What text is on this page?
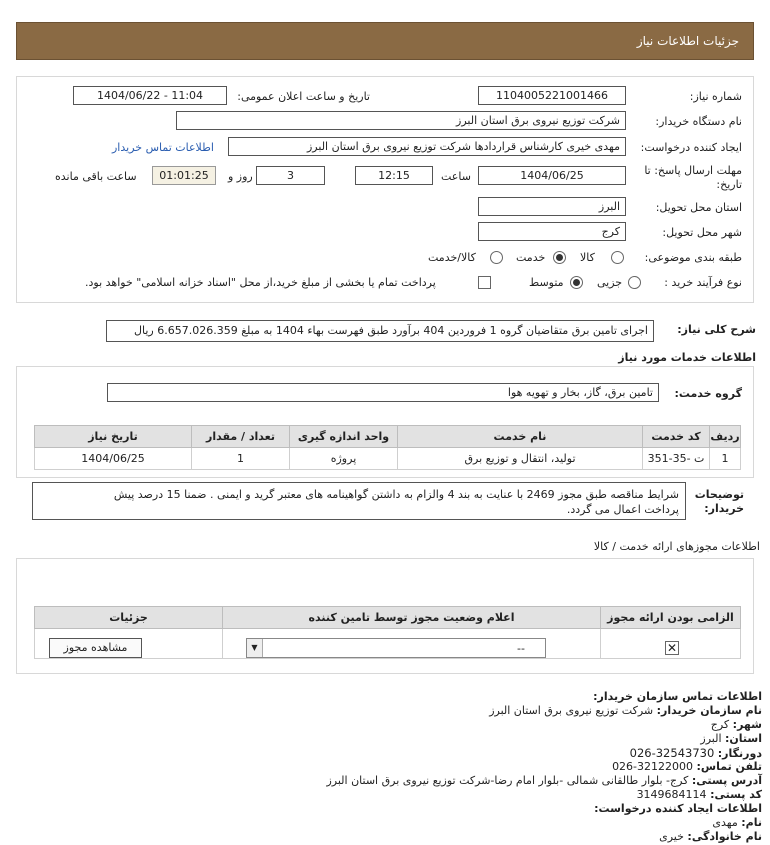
جزئیات اطلاعات نیاز
شماره نیاز:
1104005221001466
تاریخ و ساعت اعلان عمومی:
1404/06/22 - 11:04
نام دستگاه خریدار:
شرکت توزیع نیروی برق استان البرز
ایجاد کننده درخواست:
مهدی خیری کارشناس قراردادها شرکت توزیع نیروی برق استان البرز
اطلاعات تماس خریدار
مهلت ارسال پاسخ: تا
تاریخ:
1404/06/25
ساعت
12:15
3
روز و
01:01:25
ساعت باقی مانده
استان محل تحویل:
البرز
شهر محل تحویل:
کرج
طبقه بندی موضوعی:
کالا
خدمت
کالا/خدمت
نوع فرآیند خرید :
جزیی
متوسط
پرداخت تمام یا بخشی از مبلغ خرید،از محل "اسناد خزانه اسلامی" خواهد بود.
شرح کلی نیاز:
اجرای تامین برق متقاضیان گروه 1 فروردین 404 برآورد طبق فهرست بهاء 1404 به مبلغ 6.657.026.359 ریال
اطلاعات خدمات مورد نیاز
گروه خدمت:
تامین برق، گاز، بخار و تهویه هوا
ردیف	کد خدمت	نام خدمت	واحد اندازه گیری	تعداد / مقدار	تاریخ نیاز
1	ت -35-351	تولید، انتقال و توزیع برق	پروژه	1	1404/06/25
توضیحات
خریدار:
شرایط مناقصه طبق مجوز 2469 با عنایت به بند 4 والزام به داشتن گواهینامه های معتبر گرید و ایمنی . ضمنا 15 درصد پیش
پرداخت اعمال می گردد.
اطلاعات مجوزهای ارائه خدمت / کالا
الزامی بودن ارائه مجوز	اعلام وضعیت مجوز توسط تامین کننده	جزئیات

✕
▼	--
مشاهده مجوز
اطلاعات تماس سازمان خریدار:
نام سازمان خریدار: شرکت توزیع نیروی برق استان البرز
شهر: کرج
استان: البرز
دورنگار: 026-32543730
تلفن تماس: 026-32122000
آدرس پستی: کرج- بلوار طالقانی شمالی -بلوار امام رضا-شرکت توزیع نیروی برق استان البرز
کد پستی: 3149684114
اطلاعات ایجاد کننده درخواست:
نام: مهدی
نام خانوادگی: خیری
